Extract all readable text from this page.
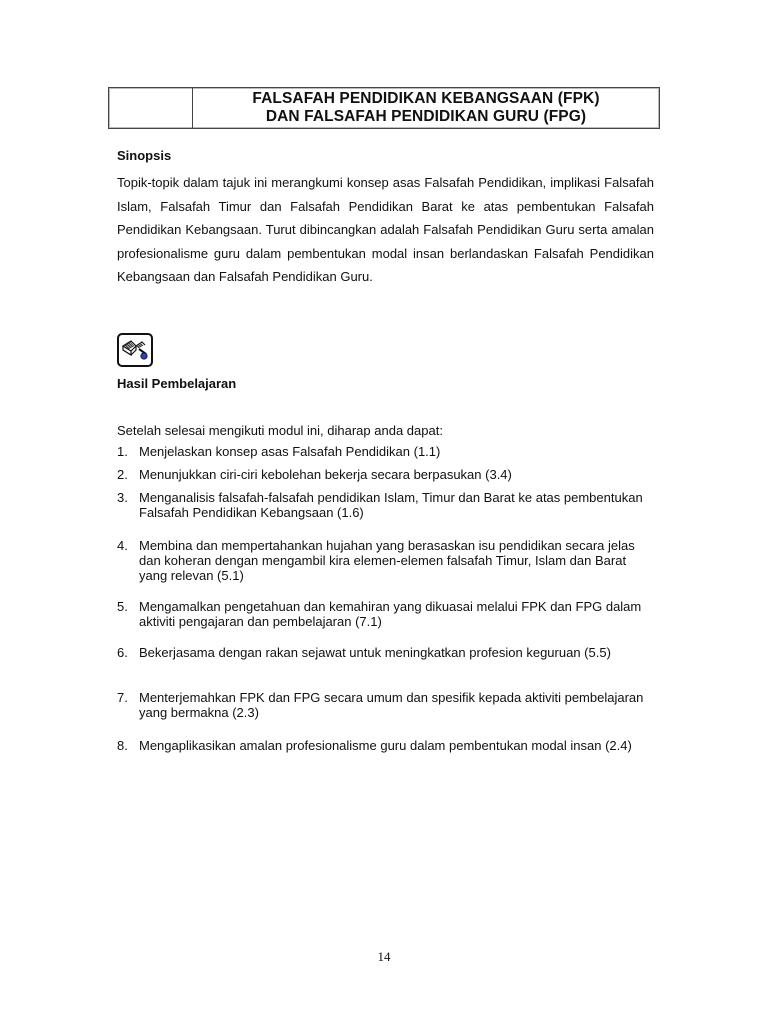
FALSAFAH PENDIDIKAN KEBANGSAAN (FPK)
DAN FALSAFAH PENDIDIKAN GURU (FPG)
Sinopsis
Topik-topik dalam tajuk ini merangkumi konsep asas Falsafah Pendidikan, implikasi Falsafah Islam, Falsafah Timur dan Falsafah Pendidikan Barat ke atas pembentukan Falsafah Pendidikan Kebangsaan. Turut dibincangkan adalah Falsafah Pendidikan Guru serta amalan profesionalisme guru dalam pembentukan modal insan berlandaskan Falsafah Pendidikan Kebangsaan dan Falsafah Pendidikan Guru.
Hasil Pembelajaran
Setelah selesai mengikuti modul ini, diharap anda dapat:
1. Menjelaskan konsep asas Falsafah Pendidikan (1.1)
2. Menunjukkan ciri-ciri kebolehan bekerja secara berpasukan (3.4)
3. Menganalisis falsafah-falsafah pendidikan Islam, Timur dan Barat ke atas pembentukan Falsafah Pendidikan Kebangsaan (1.6)
4. Membina dan mempertahankan hujahan yang berasaskan isu pendidikan secara jelas dan koheran dengan mengambil kira elemen-elemen falsafah Timur, Islam dan Barat yang relevan (5.1)
5. Mengamalkan pengetahuan dan kemahiran yang dikuasai melalui FPK dan FPG dalam aktiviti pengajaran dan pembelajaran (7.1)
6. Bekerjasama dengan rakan sejawat untuk meningkatkan profesion keguruan (5.5)
7. Menterjemahkan FPK dan FPG secara umum dan spesifik kepada aktiviti pembelajaran yang bermakna (2.3)
8. Mengaplikasikan amalan profesionalisme guru dalam pembentukan modal insan (2.4)
14
